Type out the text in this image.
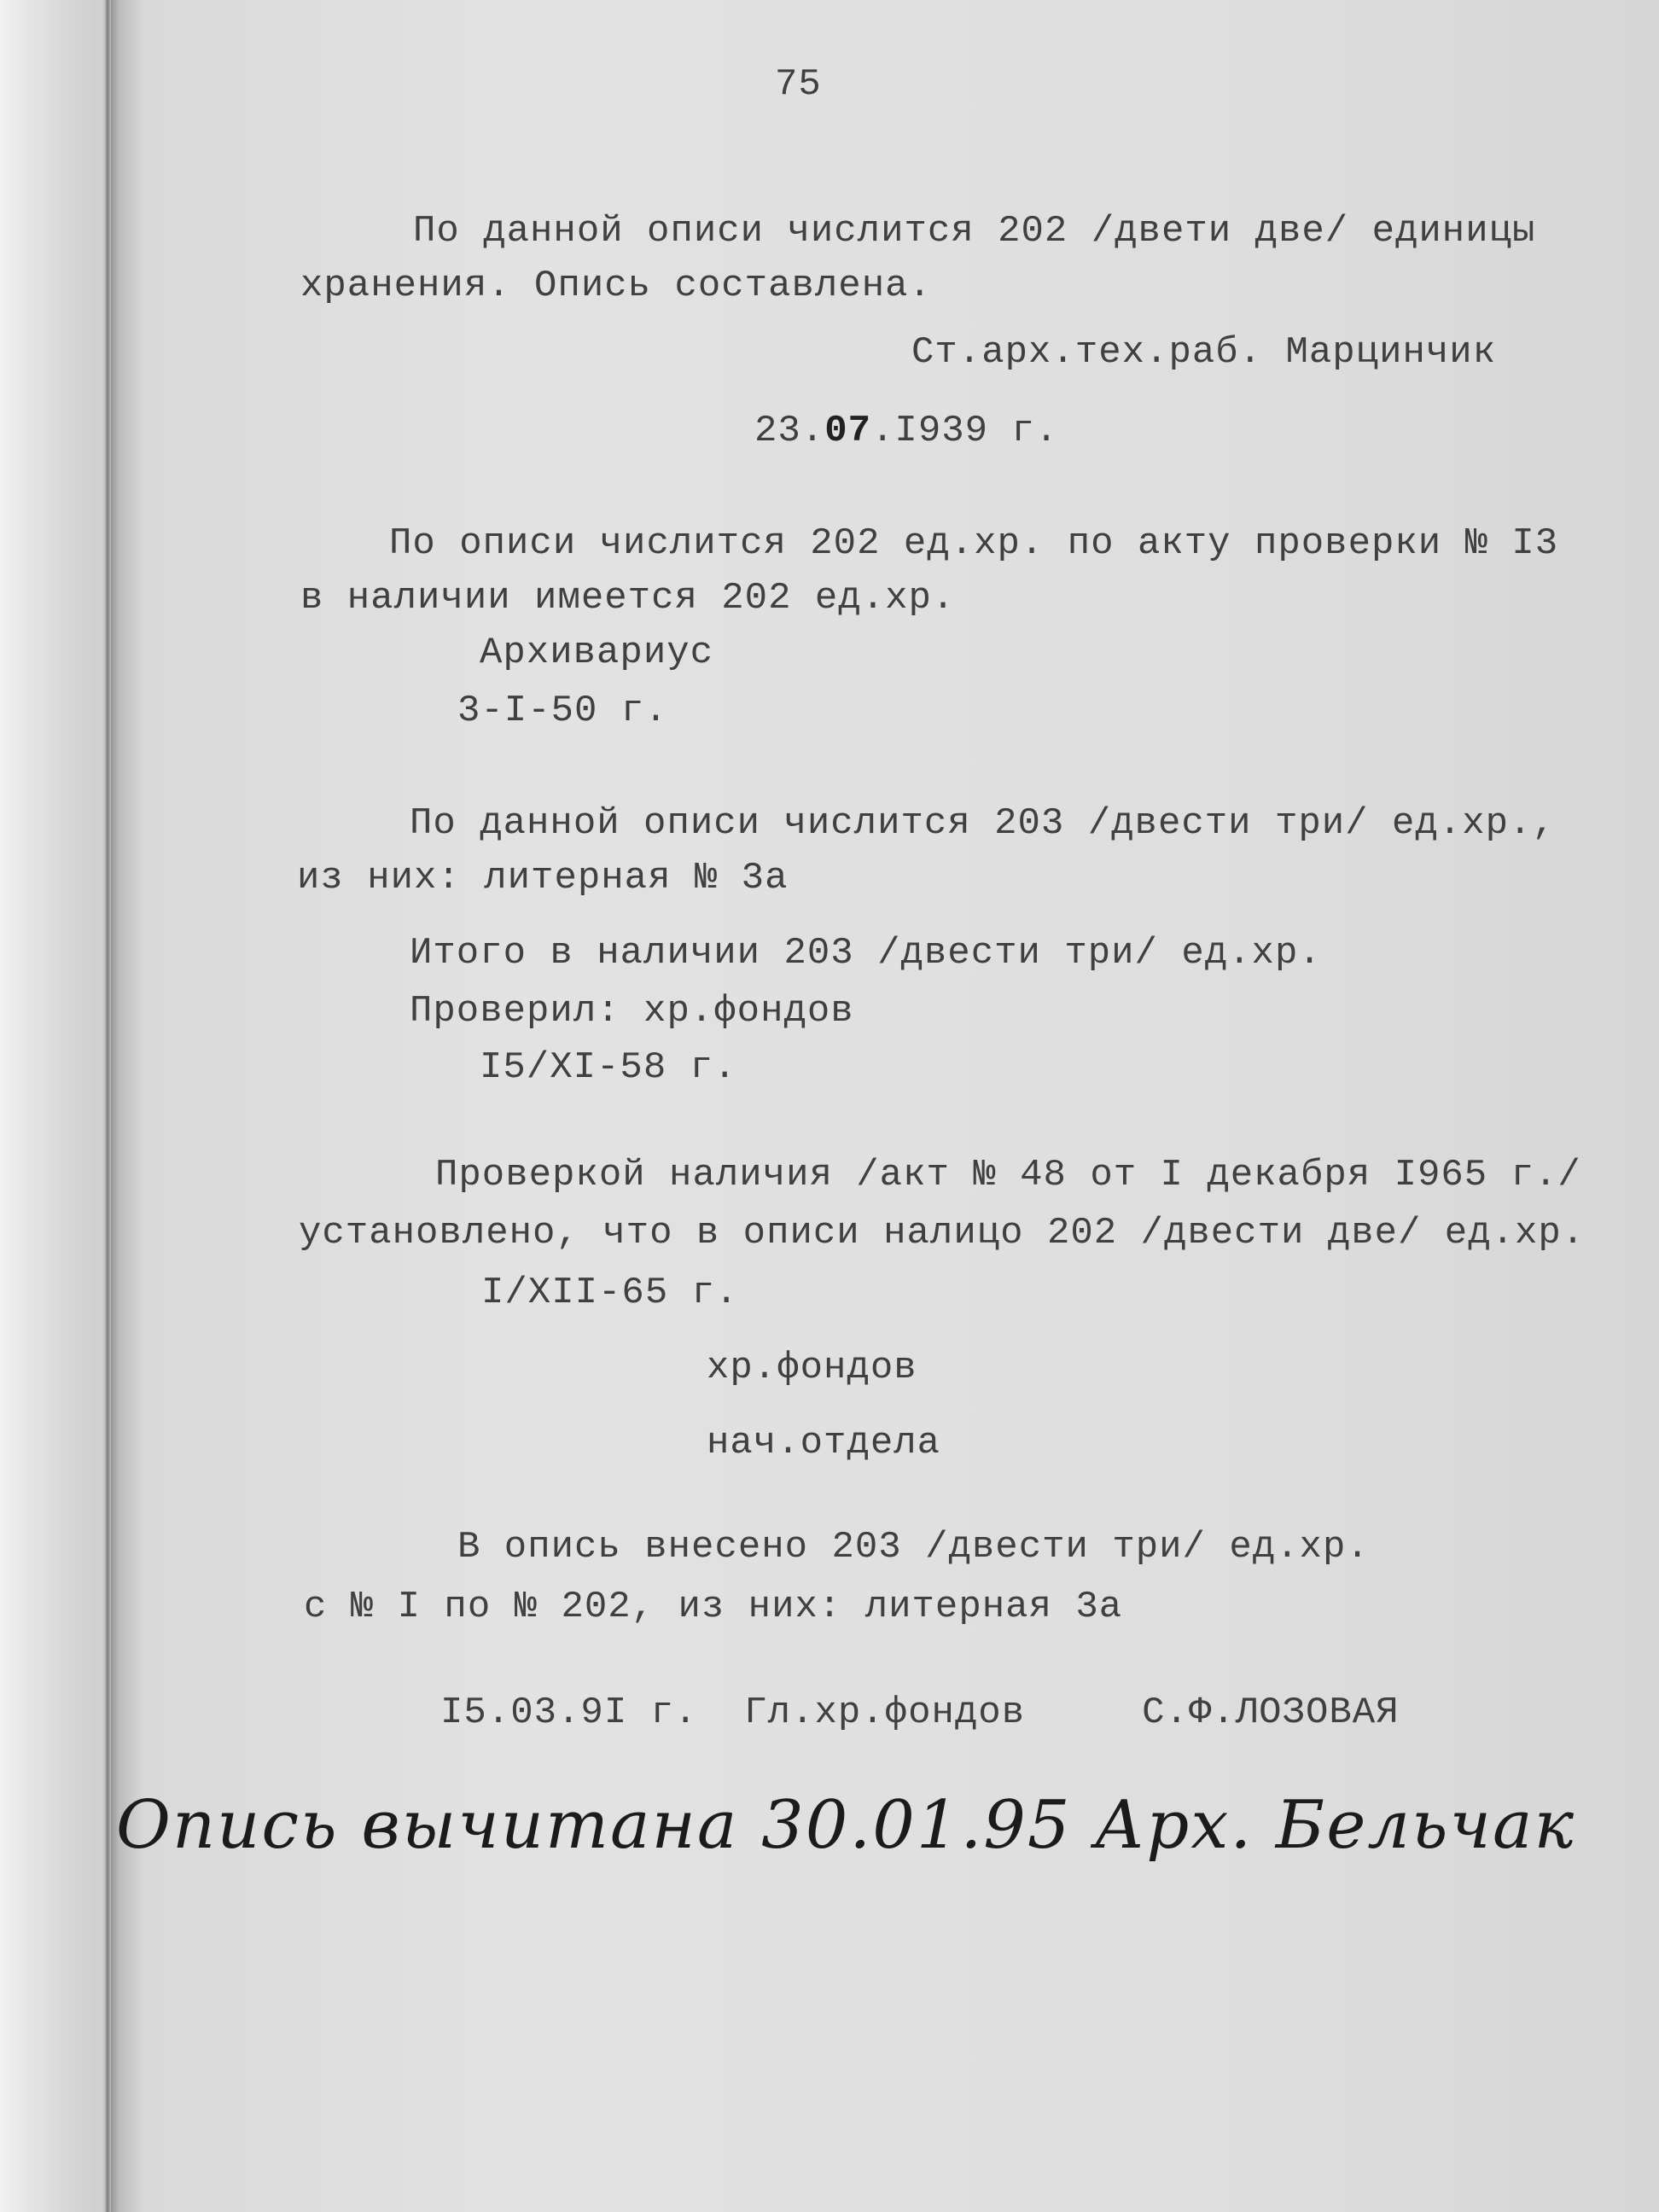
75
По данной описи числится 202 /двети две/ единицы
хранения. Опись составлена.
Ст.арх.тех.раб. Марцинчик
23.07.I939 г.
По описи числится 202 ед.хр. по акту проверки № I3
в наличии имеется 202 ед.хр.
Архивариус
3-I-50 г.
По данной описи числится 203 /двести три/ ед.хр.,
из них: литерная № 3а
Итого в наличии 203 /двести три/ ед.хр.
Проверил: хр.фондов
I5/XI-58 г.
Проверкой наличия /акт № 48 от I декабря I965 г./
установлено, что в описи налицо 202 /двести две/ ед.хр.
I/XII-65 г.
хр.фондов
нач.отдела
В опись внесено 203 /двести три/ ед.хр.
с № I по № 202, из них: литерная 3а
I5.03.9I г.  Гл.хр.фондов     С.Ф.ЛОЗОВАЯ
Опись вычитана 30.01.95 Арх. Бельчак
